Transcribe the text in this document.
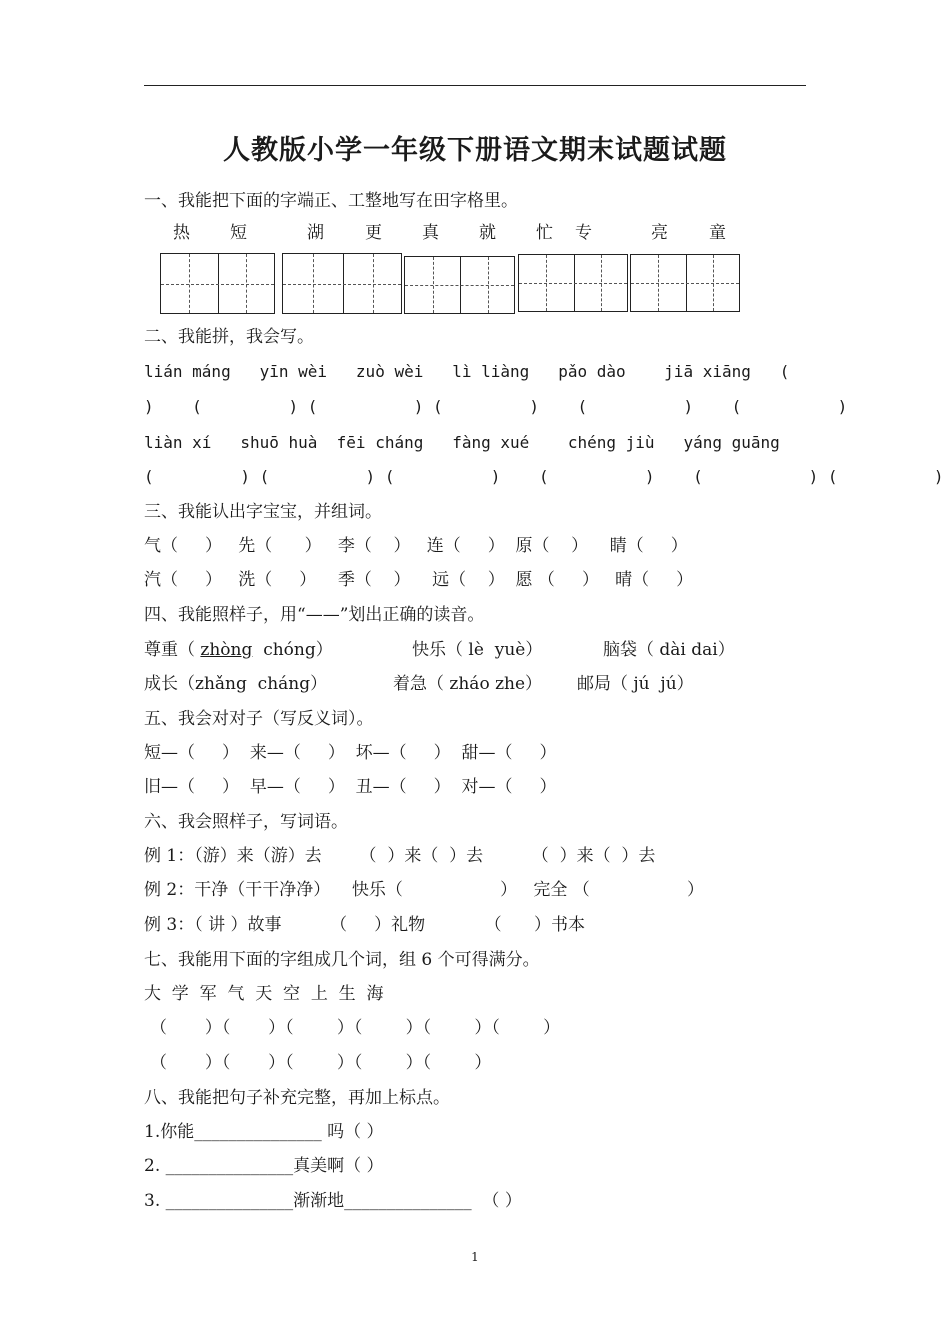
人教版小学一年级下册语文期末试题试题
一、我能把下面的字端正、工整地写在田字格里。
热 短	湖 更 真 就 忙 专	亮 童
二、我能拼，我会写。
lián máng   yīn wèi   zuò wèi   lì liàng   pǎo dào    jiā xiāng   (
)    (         ) (          ) (         )    (          )    (          )
liàn xí   shuō huà  fēi cháng   fàng xué    chéng jiù   yáng guāng
(         ) (          ) (          )    (          )    (           ) (          )
三、我能认出字宝宝，并组词。
气（     ）   先（      ）   李（    ）   连（     ）  原（    ）    睛（     ）
汽（     ）   洗（     ）    季（    ）    远（    ）  愿 （     ）   晴（     ）
四、我能照样子，用“——”划出正确的读音。
尊重（ zhòng  chóng）	快乐（ lè  yuè）	脑袋（ dài dai）
成长（zhǎng  cháng）	着急（ zháo zhe） 邮局（ jú  jú）
五、我会对对子（写反义词）。
短—（     ）  来—（     ）  坏—（     ）  甜—（     ）
旧—（     ）  早—（     ）  丑—（     ）  对—（     ）
六、我会照样子，写词语。
例 1：（游）来（游）去       （  ）来（  ）去         （  ）来（  ）去
例 2：干净（干干净净）    快乐（                  ）   完全 （                  ）
例 3：（ 讲 ）故事         （     ）礼物           （      ）书本
七、我能用下面的字组成几个词，组 6 个可得满分。
大  学  军  气  天  空  上  生  海
（       ）（       ）（        ）（        ）（        ）（        ）
（       ）（       ）（        ）（        ）（        ）
八、我能把句子补充完整，再加上标点。
1.你能_______________ 吗（ ）
2. _______________真美啊（ ）
3. _______________渐渐地_______________  （ ）
1
